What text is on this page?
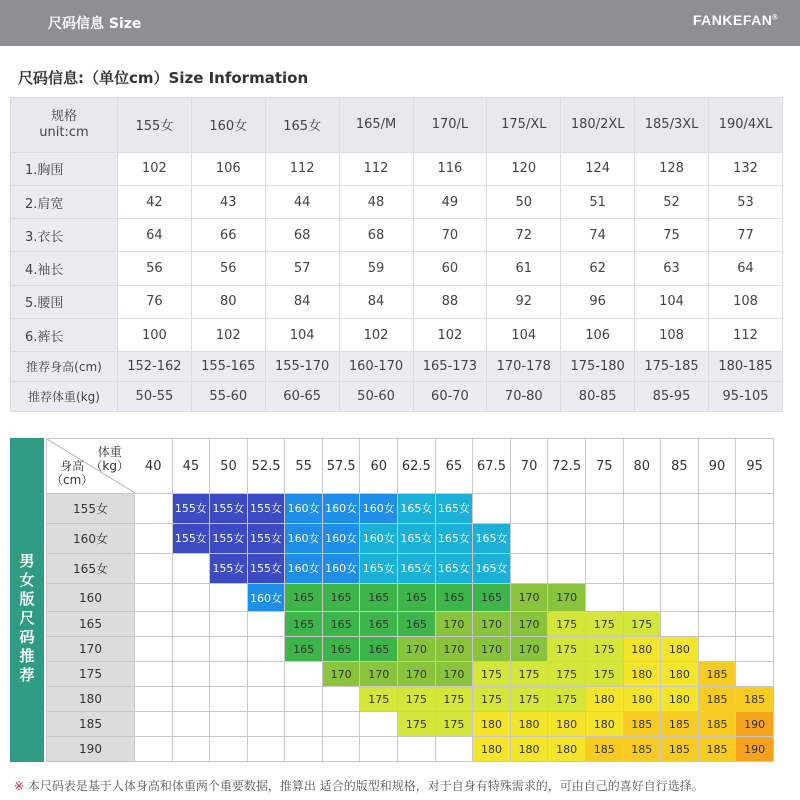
尺码信息 Size	FANKEFAN®
尺码信息:（单位cm）Size Information
规格
unit:cm	155女	160女	165女	165/M	170/L	175/XL	180/2XL	185/3XL	190/4XL
1.胸围	102	106	112	112	116	120	124	128	132
2.肩宽	42	43	44	48	49	50	51	52	53
3.衣长	64	66	68	68	70	72	74	75	77
4.袖长	56	56	57	59	60	61	62	63	64
5.腰围	76	80	84	84	88	92	96	104	108
6.裤长	100	102	104	102	102	104	106	108	112
推荐身高(cm)	152-162	155-165	155-170	160-170	165-173	170-178	175-180	175-185	180-185
推荐体重(kg)	50-55	55-60	60-65	50-60	60-70	70-80	80-85	85-95	95-105
男
女
版
尺
码
推
荐
体重
（kg）
身高
（cm）	40	45	50	52.5	55	57.5	60	62.5	65	67.5	70	72.5	75	80	85	90	95
155女		155女	155女	155女	160女	160女	160女	165女	165女								
160女		155女	155女	155女	160女	160女	160女	165女	165女	165女							
165女			155女	155女	160女	160女	165女	165女	165女	165女							
160				160女	165	165	165	165	165	165	170	170					
165					165	165	165	165	170	170	170	175	175	175			
170					165	165	165	170	170	170	170	175	175	180	180		
175						170	170	170	170	175	175	175	175	180	180	185	
180							175	175	175	175	175	175	180	180	180	185	185
185								175	175	180	180	180	180	185	185	185	190
190										180	180	180	185	185	185	185	190
※ 本尺码表是基于人体身高和体重两个重要数据，推算出 适合的版型和规格，对于自身有特殊需求的，可由自己的喜好自行选择。
